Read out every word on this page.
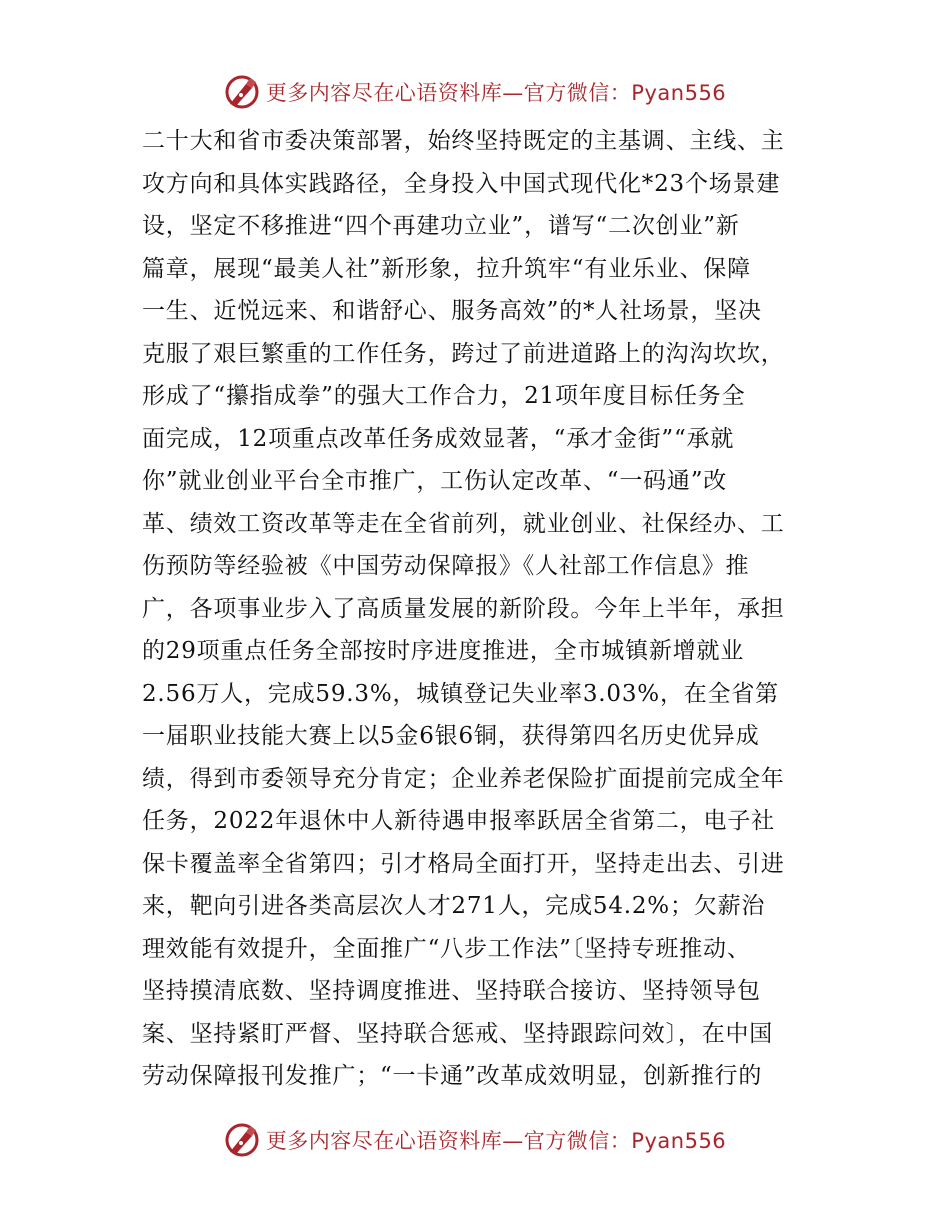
更多内容尽在心语资料库—官方微信：Pyan556
二十大和省市委决策部署，始终坚持既定的主基调、主线、主
攻方向和具体实践路径，全身投入中国式现代化*23个场景建
设，坚定不移推进“四个再建功立业”，谱写“二次创业”新
篇章，展现“最美人社”新形象，拉升筑牢“有业乐业、保障
一生、近悦远来、和谐舒心、服务高效”的*人社场景，坚决
克服了艰巨繁重的工作任务，跨过了前进道路上的沟沟坎坎，
形成了“攥指成拳”的强大工作合力，21项年度目标任务全
面完成，12项重点改革任务成效显著，“承才金街”“承就
你”就业创业平台全市推广，工伤认定改革、“一码通”改
革、绩效工资改革等走在全省前列，就业创业、社保经办、工
伤预防等经验被《中国劳动保障报》《人社部工作信息》推
广，各项事业步入了高质量发展的新阶段。今年上半年，承担
的29项重点任务全部按时序进度推进，全市城镇新增就业
2.56万人，完成59.3%，城镇登记失业率3.03%，在全省第
一届职业技能大赛上以5金6银6铜，获得第四名历史优异成
绩，得到市委领导充分肯定；企业养老保险扩面提前完成全年
任务，2022年退休中人新待遇申报率跃居全省第二，电子社
保卡覆盖率全省第四；引才格局全面打开，坚持走出去、引进
来，靶向引进各类高层次人才271人，完成54.2%；欠薪治
理效能有效提升，全面推广“八步工作法”〔坚持专班推动、
坚持摸清底数、坚持调度推进、坚持联合接访、坚持领导包
案、坚持紧盯严督、坚持联合惩戒、坚持跟踪问效〕，在中国
劳动保障报刊发推广；“一卡通”改革成效明显，创新推行的
更多内容尽在心语资料库—官方微信：Pyan556
